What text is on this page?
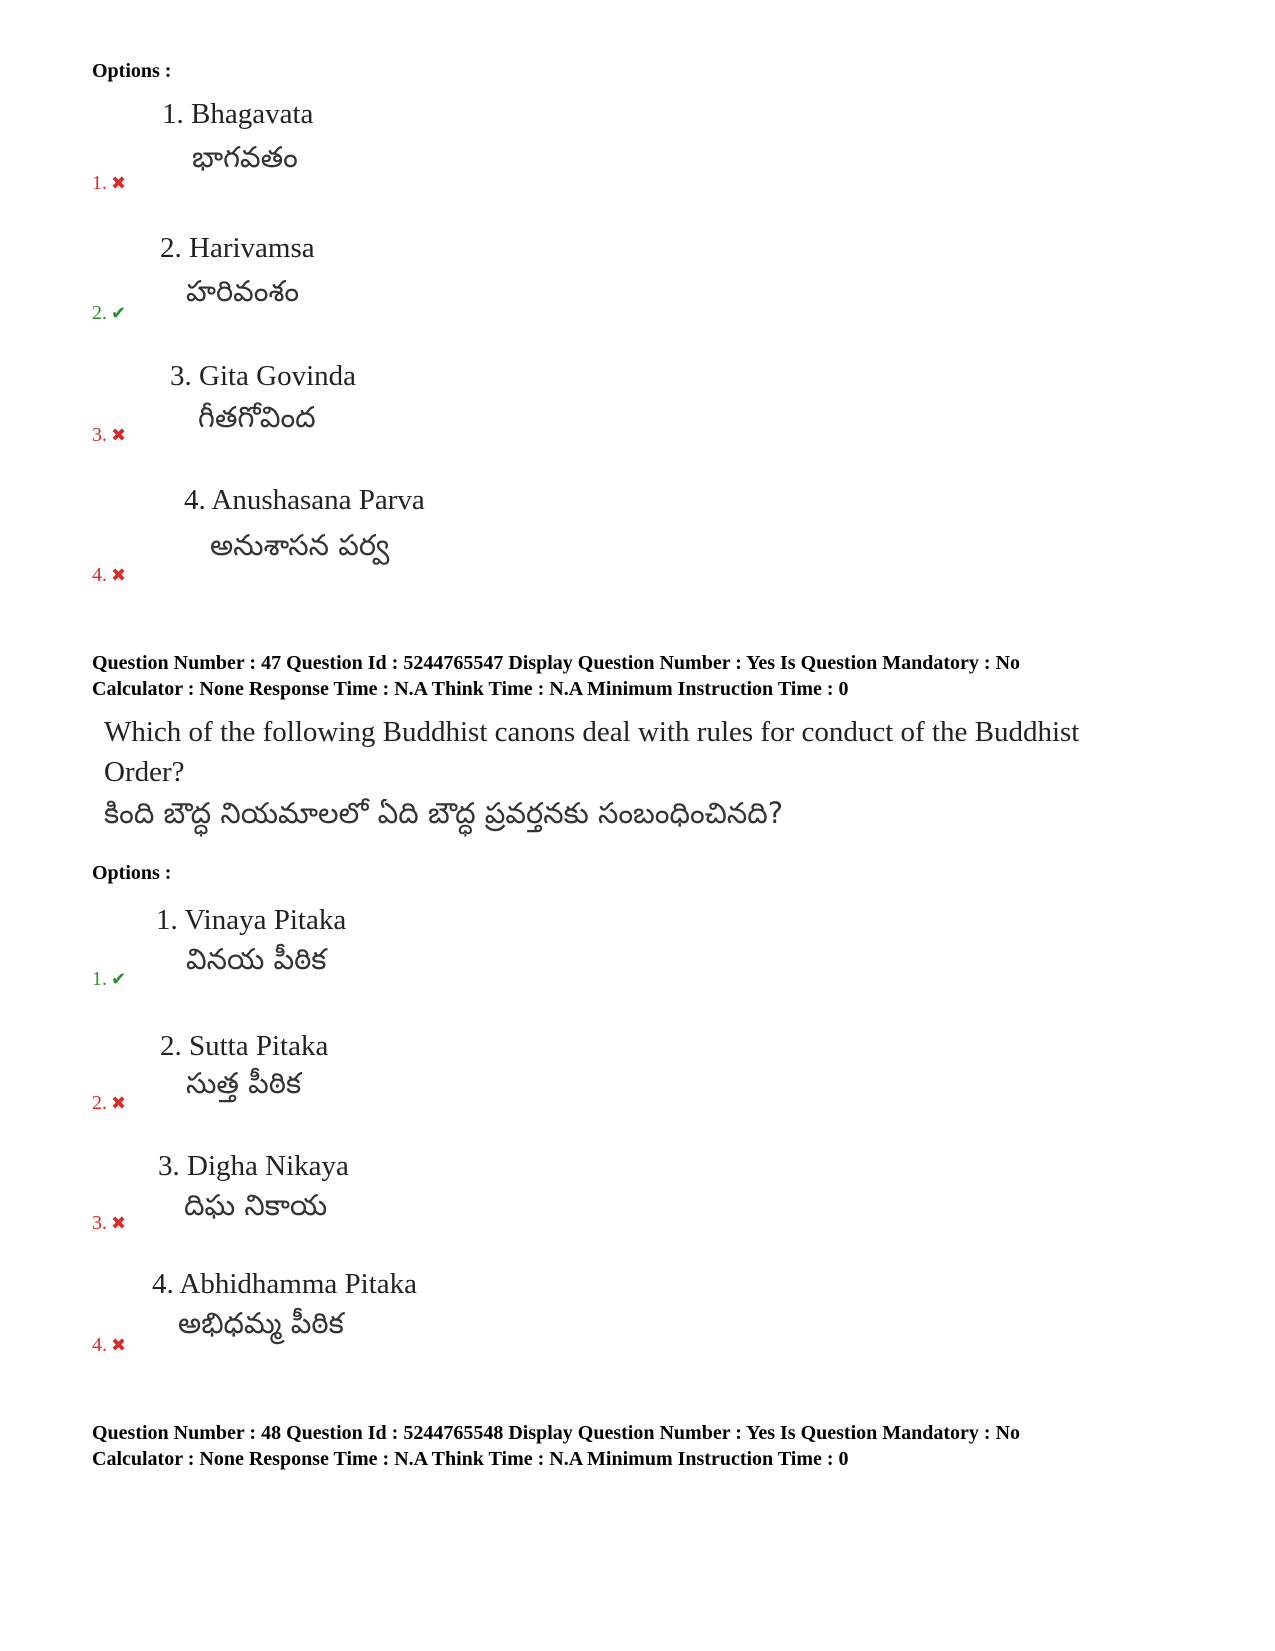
Options :
1. Bhagavata
భాగవతం
1. ✖
2. Harivamsa
హరివంశం
2. ✔
3. Gita Govinda
గీతగోవింద
3. ✖
4. Anushasana Parva
అనుశాసన పర్వ
4. ✖
Question Number : 47 Question Id : 5244765547 Display Question Number : Yes Is Question Mandatory : No
Calculator : None Response Time : N.A Think Time : N.A Minimum Instruction Time : 0
Which of the following Buddhist canons deal with rules for conduct of the Buddhist Order?
కింది బౌద్ధ నియమాలలో ఏది బౌద్ధ ప్రవర్తనకు సంబంధించినది?
Options :
1. Vinaya Pitaka
వినయ పీఠిక
1. ✔
2. Sutta Pitaka
సుత్త పీఠిక
2. ✖
3. Digha Nikaya
దిఘ నికాయ
3. ✖
4. Abhidhamma Pitaka
అభిధమ్మ పీఠిక
4. ✖
Question Number : 48 Question Id : 5244765548 Display Question Number : Yes Is Question Mandatory : No
Calculator : None Response Time : N.A Think Time : N.A Minimum Instruction Time : 0
